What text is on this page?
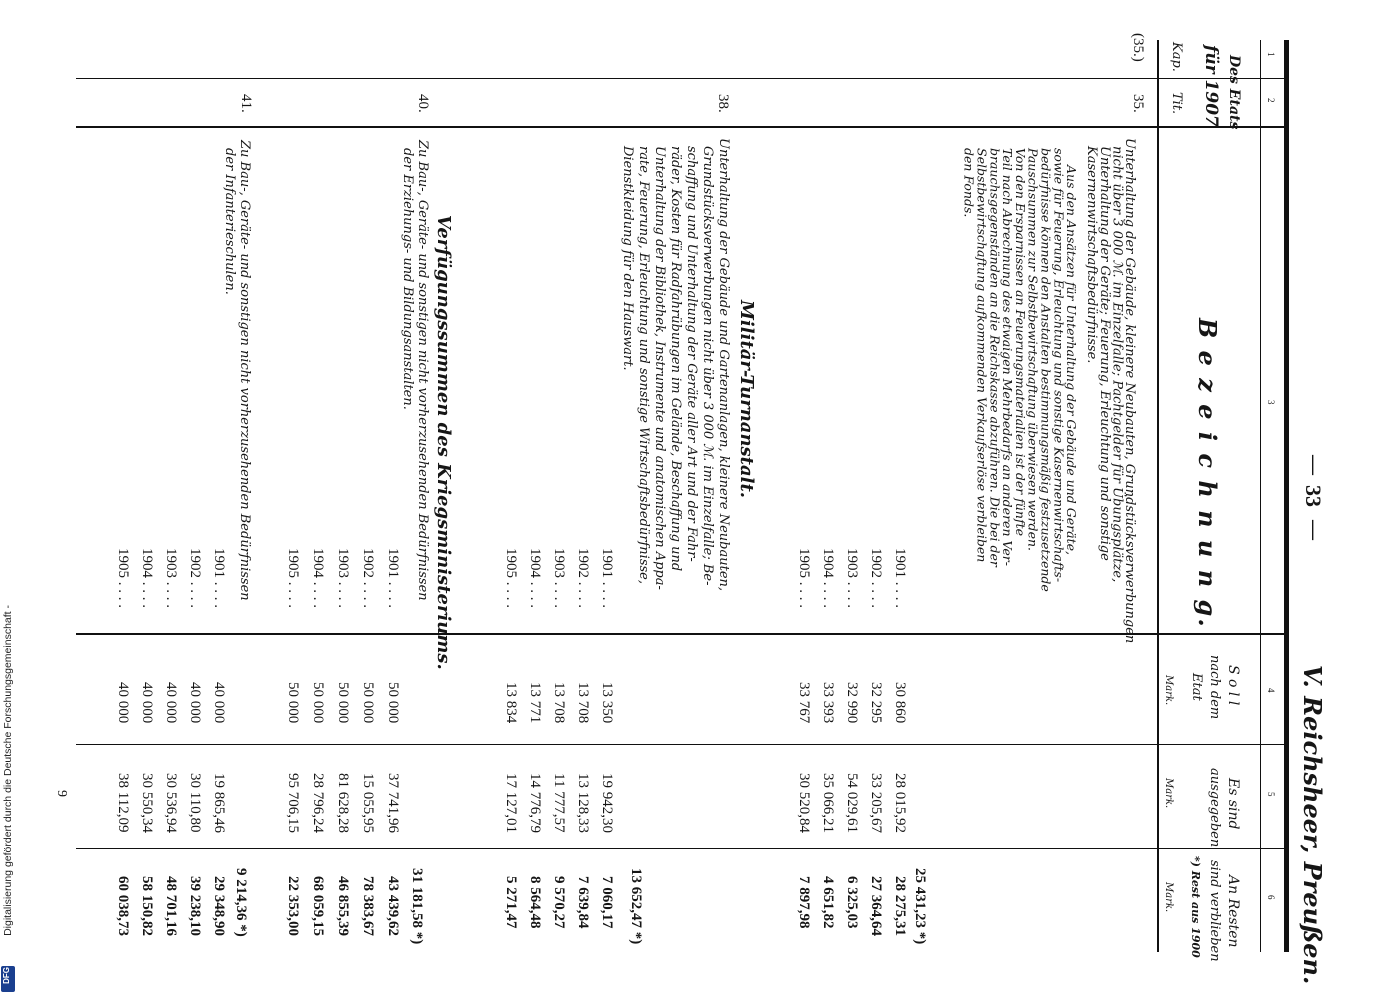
—
33
—
V. Reichsheer, Preußen.
1
2
3
4
5
6
Des Etats
für 1907
Kap.
Tit.
B e z e i c h n u n g.
S o l l
nach dem
Etat
Mark.
Es sind
ausgegeben
Mark.
An Resten
sind verblieben
*) Rest aus 1900
Mark.
(35.)
35.
38.
40.
41.
Unterhaltung der Gebäude, kleinere Neubauten, Grundstücksverwerbungen
nicht über 3 000 ℳ. im Einzelfalle; Pachtgelder für Übungsplätze,
Unterhaltung der Geräte; Feuerung, Erleuchtung und sonstige
Kasernenwirtschaftsbedürfnisse.
Aus den Ansätzen für Unterhaltung der Gebäude und Geräte,
sowie für Feuerung, Erleuchtung und sonstige Kasernenwirtschafts-
bedürfnisse können den Anstalten bestimmungsmäßig festzusetzende
Pauschsummen zur Selbstbewirtschaftung überwiesen werden.
Von den Ersparnissen an Feuerungsmaterialien ist der fünfte
Teil nach Abrechnung des etwaigen Mehrbedarfs an anderen Ver-
brauchsgegenständen an die Reichskasse abzuführen. Die bei der
Selbstbewirtschaftung aufkommenden Verkaufserlöse verbleiben
den Fonds.
25 431,23 *)
1901 . . . .
30 860
28 015,92
28 275,31
1902 . . . .
32 295
33 205,67
27 364,64
1903 . . . .
32 990
54 029,61
6 325,03
1904 . . . .
33 393
35 066,21
4 651,82
1905 . . . .
33 767
30 520,84
7 897,98
Unterhaltung der Gebäude und Gartenanlagen, kleinere Neubauten,
Grundstücksverwerbungen nicht über 3 000 ℳ. im Einzelfalle; Be-
schaffung und Unterhaltung der Geräte aller Art und der Fahr-
räder, Kosten für Radfahrübungen im Gelände, Beschaffung und
Unterhaltung der Bibliothek, Instrumente und anatomischen Appa-
rate, Feuerung, Erleuchtung und sonstige Wirtschaftsbedürfnisse,
Dienstkleidung für den Hauswart.
13 652,47 *)
1901 . . . .
13 350
19 942,30
7 060,17
1902 . . . .
13 708
13 128,33
7 639,84
1903 . . . .
13 708
11 777,57
9 570,27
1904 . . . .
13 771
14 776,79
8 564,48
1905 . . . .
13 834
17 127,01
5 271,47
Zu Bau-, Geräte- und sonstigen nicht vorherzusehenden Bedürfnissen
der Erziehungs- und Bildungsanstalten.
31 181,58 *)
1901 . . . .
50 000
37 741,96
43 439,62
1902 . . . .
50 000
15 055,95
78 383,67
1903 . . . .
50 000
81 628,28
46 855,39
1904 . . . .
50 000
28 796,24
68 059,15
1905 . . . .
50 000
95 706,15
22 353,00
Zu Bau-, Geräte- und sonstigen nicht vorherzusehenden Bedürfnissen
der Infanterieschulen.
9 214,36 *)
1901 . . . .
40 000
19 865,46
29 348,90
1902 . . . .
40 000
30 110,80
39 238,10
1903 . . . .
40 000
30 536,94
48 701,16
1904 . . . .
40 000
30 550,34
58 150,82
1905 . . . .
40 000
38 112,09
60 038,73
Militär-Turnanstalt.
Verfügungssummen des Kriegsministeriums.
9
Digitalisierung gefördert durch die Deutsche Forschungsgemeinschaft -
DFG
